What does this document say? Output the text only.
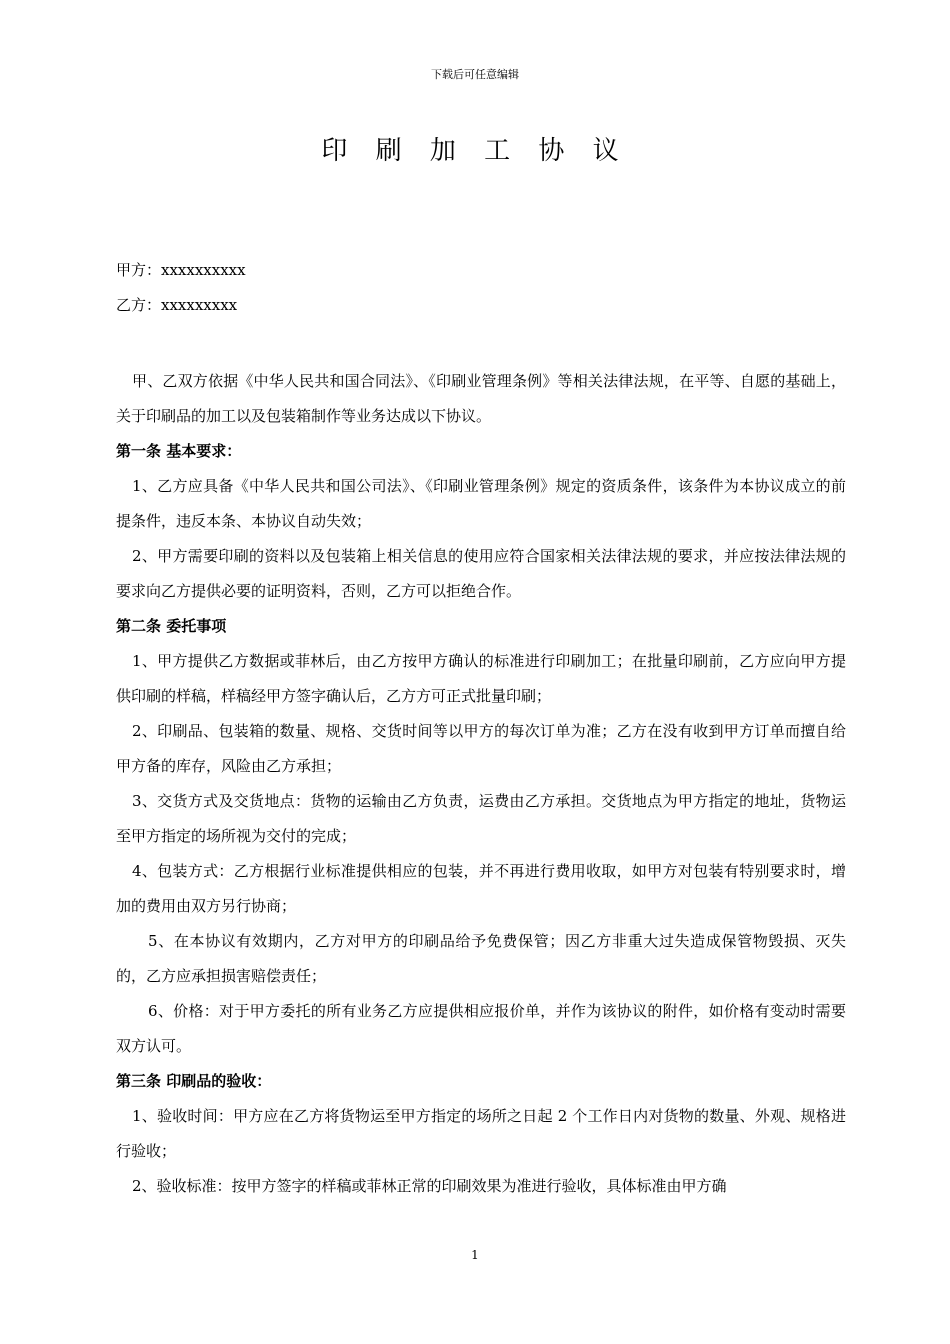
下载后可任意编辑
印 刷 加 工 协 议

甲方：xxxxxxxxxx

乙方：xxxxxxxxx

甲、乙双方依据《中华人民共和国合同法》、《印刷业管理条例》等相关法律法规，在平等、自愿的基础上，关于印刷品的加工以及包装箱制作等业务达成以下协议。

第一条 基本要求：

1、乙方应具备《中华人民共和国公司法》、《印刷业管理条例》规定的资质条件，该条件为本协议成立的前提条件，违反本条、本协议自动失效；

2、甲方需要印刷的资料以及包装箱上相关信息的使用应符合国家相关法律法规的要求，并应按法律法规的要求向乙方提供必要的证明资料，否则，乙方可以拒绝合作。

第二条 委托事项

1、甲方提供乙方数据或菲林后，由乙方按甲方确认的标准进行印刷加工；在批量印刷前，乙方应向甲方提供印刷的样稿，样稿经甲方签字确认后，乙方方可正式批量印刷；

2、印刷品、包装箱的数量、规格、交货时间等以甲方的每次订单为准；乙方在没有收到甲方订单而擅自给甲方备的库存，风险由乙方承担；

3、交货方式及交货地点：货物的运输由乙方负责，运费由乙方承担。交货地点为甲方指定的地址，货物运至甲方指定的场所视为交付的完成；

4、包装方式：乙方根据行业标准提供相应的包装，并不再进行费用收取，如甲方对包装有特别要求时，增加的费用由双方另行协商；

5、在本协议有效期内，乙方对甲方的印刷品给予免费保管；因乙方非重大过失造成保管物毁损、灭失的，乙方应承担损害赔偿责任；

6、价格：对于甲方委托的所有业务乙方应提供相应报价单，并作为该协议的附件，如价格有变动时需要双方认可。

第三条 印刷品的验收：

1、验收时间：甲方应在乙方将货物运至甲方指定的场所之日起 2 个工作日内对货物的数量、外观、规格进行验收；

2、验收标准：按甲方签字的样稿或菲林正常的印刷效果为准进行验收，具体标准由甲方确

1
